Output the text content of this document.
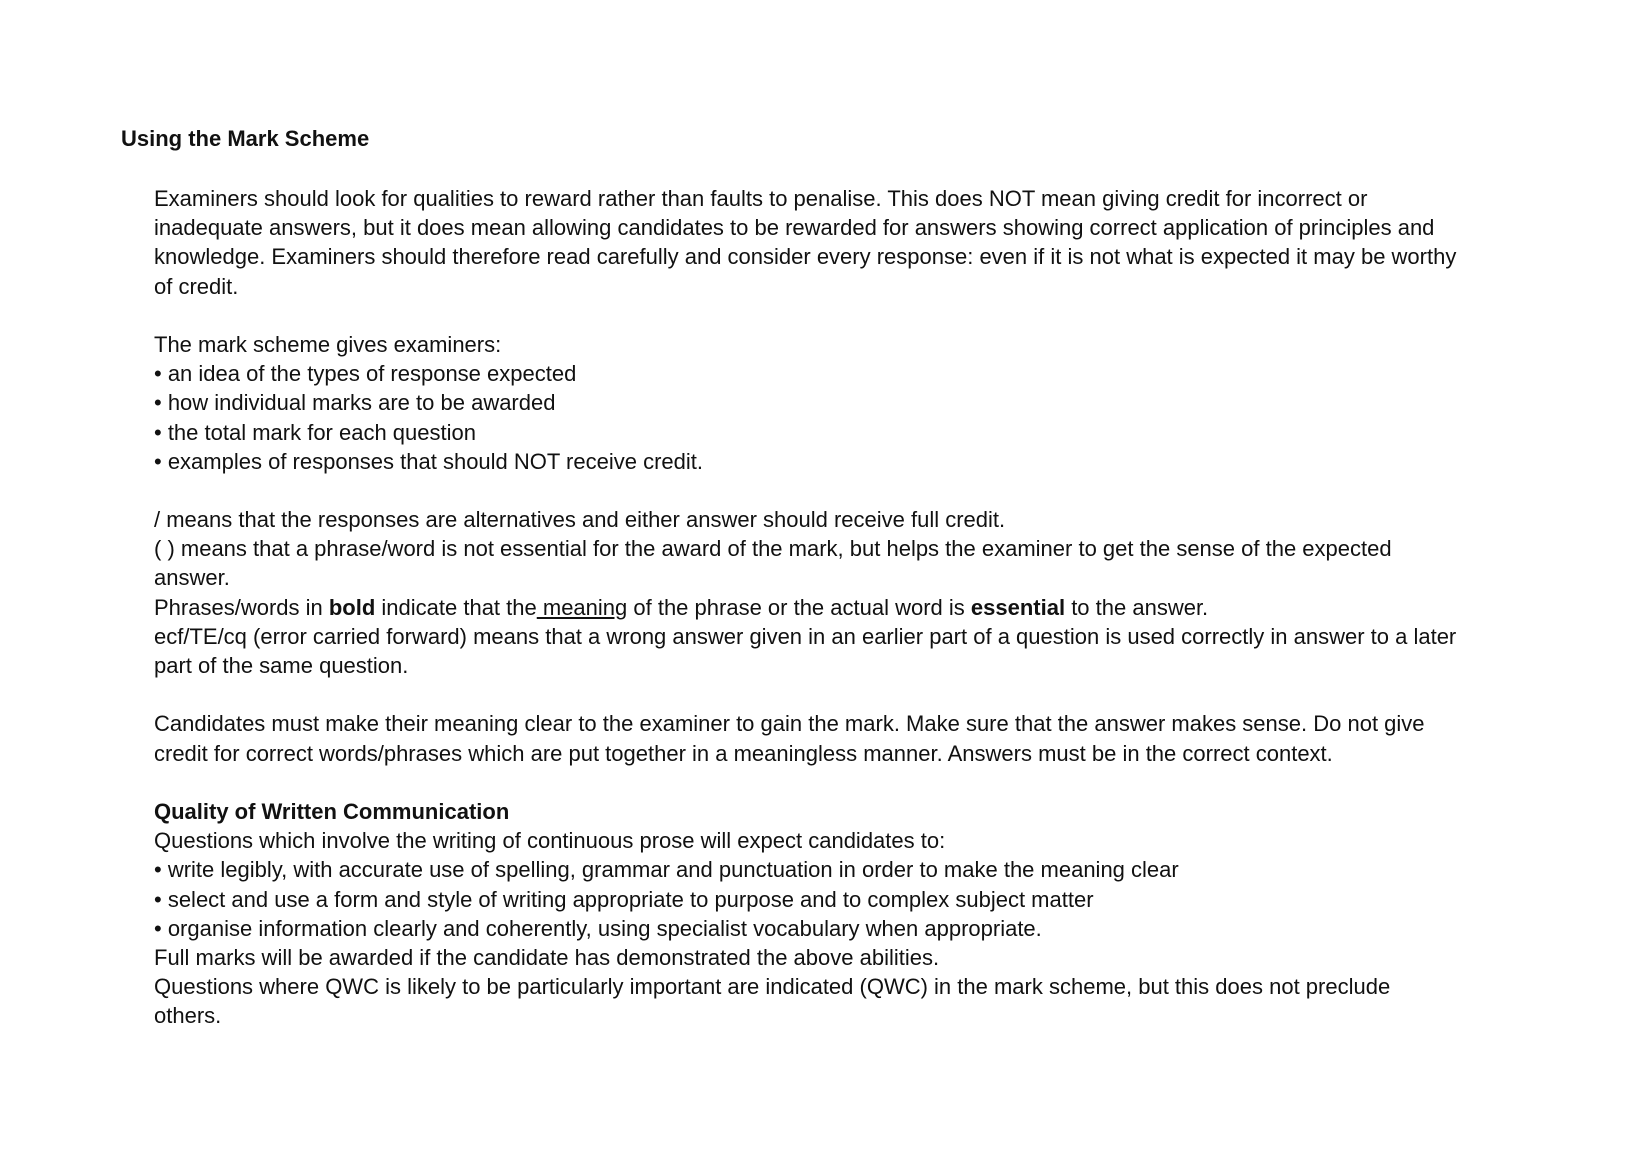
Using the Mark Scheme
Examiners should look for qualities to reward rather than faults to penalise. This does NOT mean giving credit for incorrect or
inadequate answers, but it does mean allowing candidates to be rewarded for answers showing correct application of principles and
knowledge. Examiners should therefore read carefully and consider every response: even if it is not what is expected it may be worthy
of credit.
The mark scheme gives examiners:
• an idea of the types of response expected
• how individual marks are to be awarded
• the total mark for each question
• examples of responses that should NOT receive credit.
/ means that the responses are alternatives and either answer should receive full credit.
( ) means that a phrase/word is not essential for the award of the mark, but helps the examiner to get the sense of the expected
answer.
Phrases/words in bold indicate that the meaning of the phrase or the actual word is essential to the answer.
ecf/TE/cq (error carried forward) means that a wrong answer given in an earlier part of a question is used correctly in answer to a later
part of the same question.
Candidates must make their meaning clear to the examiner to gain the mark. Make sure that the answer makes sense. Do not give
credit for correct words/phrases which are put together in a meaningless manner. Answers must be in the correct context.
Quality of Written Communication
Questions which involve the writing of continuous prose will expect candidates to:
• write legibly, with accurate use of spelling, grammar and punctuation in order to make the meaning clear
• select and use a form and style of writing appropriate to purpose and to complex subject matter
• organise information clearly and coherently, using specialist vocabulary when appropriate.
Full marks will be awarded if the candidate has demonstrated the above abilities.
Questions where QWC is likely to be particularly important are indicated (QWC) in the mark scheme, but this does not preclude
others.
